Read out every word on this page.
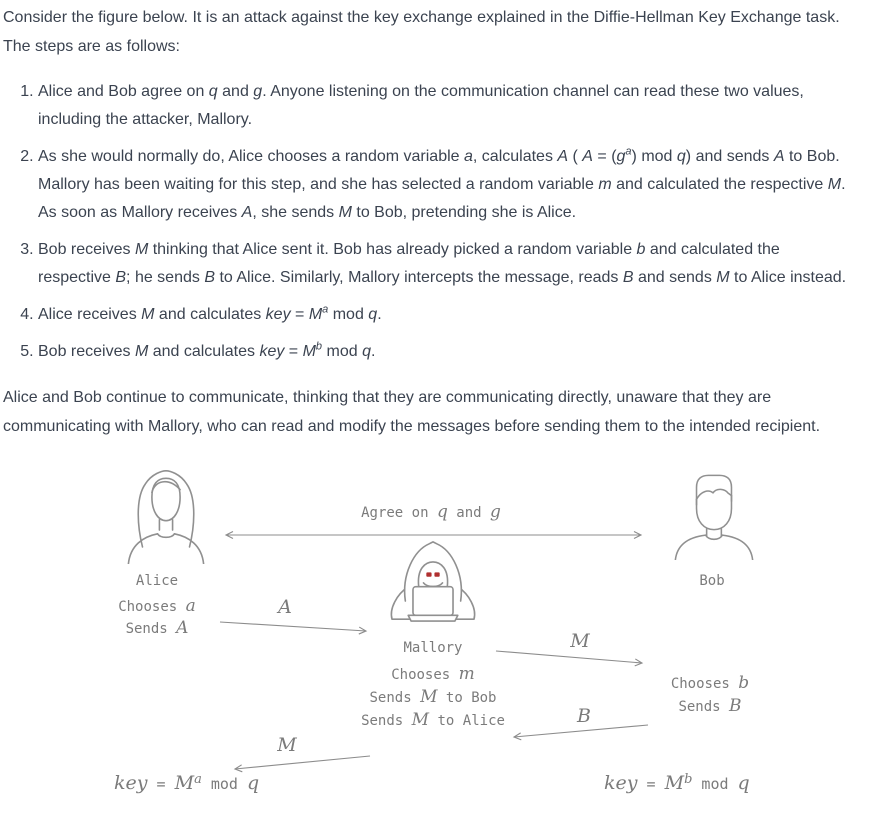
Consider the figure below. It is an attack against the key exchange explained in the Diffie-Hellman Key Exchange task.
The steps are as follows:

1. Alice and Bob agree on q and g. Anyone listening on the communication channel can read these two values, including the attacker, Mallory.
2. As she would normally do, Alice chooses a random variable a, calculates A ( $A = (g^a)$ mod q) and sends A to Bob. Mallory has been waiting for this step, and she has selected a random variable m and calculated the respective M. As soon as Mallory receives A, she sends M to Bob, pretending she is Alice.
3. Bob receives M thinking that Alice sent it. Bob has already picked a random variable b and calculated the respective B; he sends B to Alice. Similarly, Mallory intercepts the message, reads B and sends M to Alice instead.
4. Alice receives M and calculates key = $M^a$ mod q.
5. Bob receives M and calculates key = $M^b$ mod q.

Alice and Bob continue to communicate, thinking that they are communicating directly, unaware that they are communicating with Mallory, who can read and modify the messages before sending them to the intended recipient.

Alice
Chooses a
Sends A
Agree on q and g
A
Mallory
Chooses m
Sends M to Bob
Sends M to Alice
M
B
M
Bob
Chooses b
Sends B
key = $M^a$ mod q	key = $M^b$ mod q
